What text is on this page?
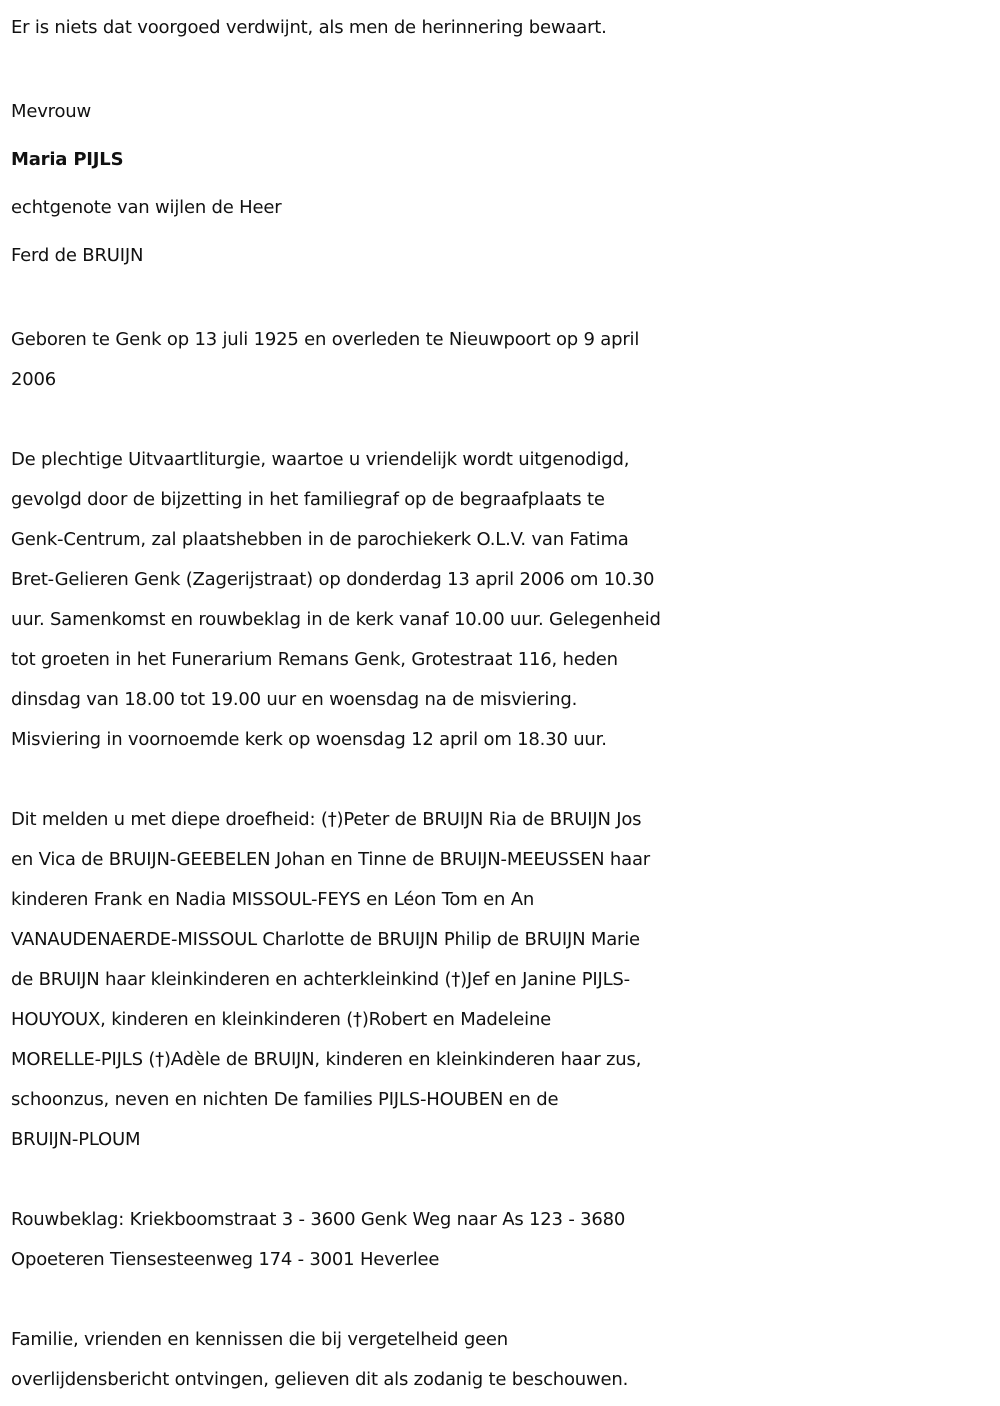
Er is niets dat voorgoed verdwijnt, als men de herinnering bewaart.

Mevrouw

Maria PIJLS

echtgenote van wijlen de Heer

Ferd de BRUIJN

Geboren te Genk op 13 juli 1925 en overleden te Nieuwpoort op 9 april

2006

De plechtige Uitvaartliturgie, waartoe u vriendelijk wordt uitgenodigd,

gevolgd door de bijzetting in het familiegraf op de begraafplaats te

Genk-Centrum, zal plaatshebben in de parochiekerk O.L.V. van Fatima

Bret-Gelieren Genk (Zagerijstraat) op donderdag 13 april 2006 om 10.30

uur. Samenkomst en rouwbeklag in de kerk vanaf 10.00 uur. Gelegenheid

tot groeten in het Funerarium Remans Genk, Grotestraat 116, heden

dinsdag van 18.00 tot 19.00 uur en woensdag na de misviering.

Misviering in voornoemde kerk op woensdag 12 april om 18.30 uur.

Dit melden u met diepe droefheid: (†)Peter de BRUIJN Ria de BRUIJN Jos

en Vica de BRUIJN-GEEBELEN Johan en Tinne de BRUIJN-MEEUSSEN haar

kinderen Frank en Nadia MISSOUL-FEYS en Léon Tom en An

VANAUDENAERDE-MISSOUL Charlotte de BRUIJN Philip de BRUIJN Marie

de BRUIJN haar kleinkinderen en achterkleinkind (†)Jef en Janine PIJLS-

HOUYOUX, kinderen en kleinkinderen (†)Robert en Madeleine

MORELLE-PIJLS (†)Adèle de BRUIJN, kinderen en kleinkinderen haar zus,

schoonzus, neven en nichten De families PIJLS-HOUBEN en de

BRUIJN-PLOUM

Rouwbeklag: Kriekboomstraat 3 - 3600 Genk Weg naar As 123 - 3680

Opoeteren Tiensesteenweg 174 - 3001 Heverlee

Familie, vrienden en kennissen die bij vergetelheid geen

overlijdensbericht ontvingen, gelieven dit als zodanig te beschouwen.
